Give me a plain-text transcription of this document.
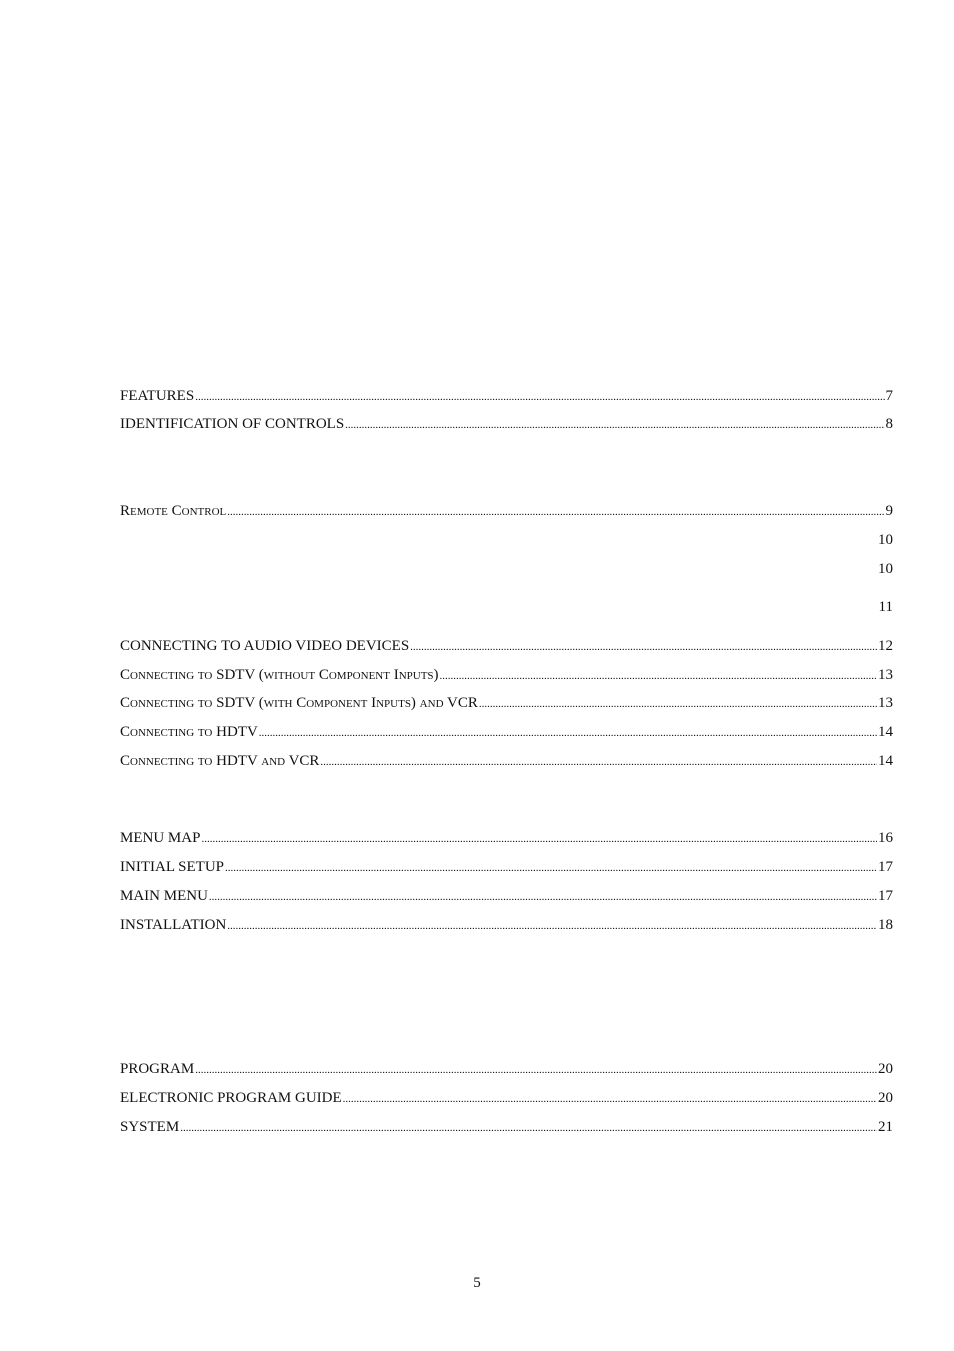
FEATURES .....	7
IDENTIFICATION OF CONTROLS .....	8
Remote Control .....	9
10
10
11
CONNECTING TO AUDIO VIDEO DEVICES .....	12
Connecting to SDTV (without Component Inputs) .....	13
Connecting to SDTV (with Component Inputs) and VCR .....	13
Connecting to HDTV .....	14
Connecting to HDTV and VCR .....	14
MENU MAP .....	16
INITIAL SETUP .....	17
MAIN MENU .....	17
INSTALLATION .....	18
PROGRAM .....	20
ELECTRONIC PROGRAM GUIDE .....	20
SYSTEM .....	21
5
